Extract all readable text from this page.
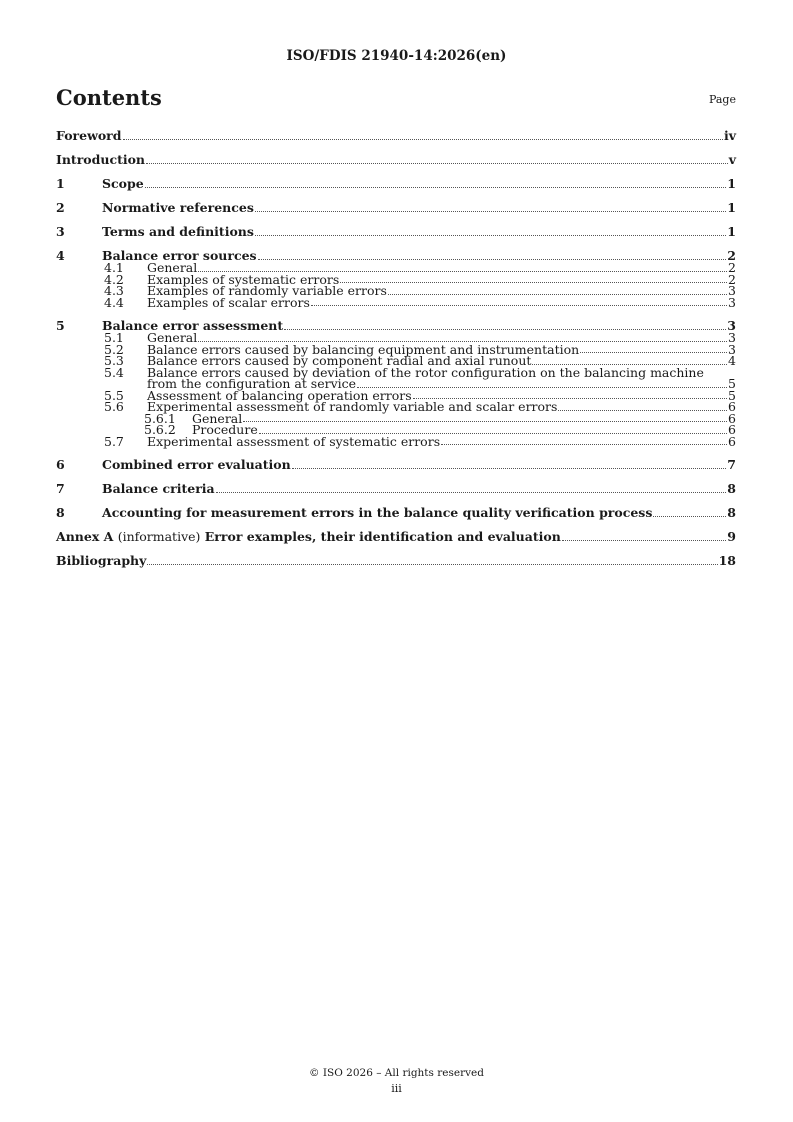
ISO/FDIS 21940-14:2026(en)
Contents	Page
Foreword	iv
Introduction	v
1	Scope	1
2	Normative references	1
3	Terms and definitions	1
4	Balance error sources	2
4.1	General	2
4.2	Examples of systematic errors	2
4.3	Examples of randomly variable errors	3
4.4	Examples of scalar errors	3
5	Balance error assessment	3
5.1	General	3
5.2	Balance errors caused by balancing equipment and instrumentation	3
5.3	Balance errors caused by component radial and axial runout	4
5.4	Balance errors caused by deviation of the rotor configuration on the balancing machine
from the configuration at service	5
5.5	Assessment of balancing operation errors	5
5.6	Experimental assessment of randomly variable and scalar errors	6
5.6.1	General	6
5.6.2	Procedure	6
5.7	Experimental assessment of systematic errors	6
6	Combined error evaluation	7
7	Balance criteria	8
8	Accounting for measurement errors in the balance quality verification process	8
Annex A (informative) Error examples, their identification and evaluation	9
Bibliography	18
© ISO 2026 – All rights reserved
iii
